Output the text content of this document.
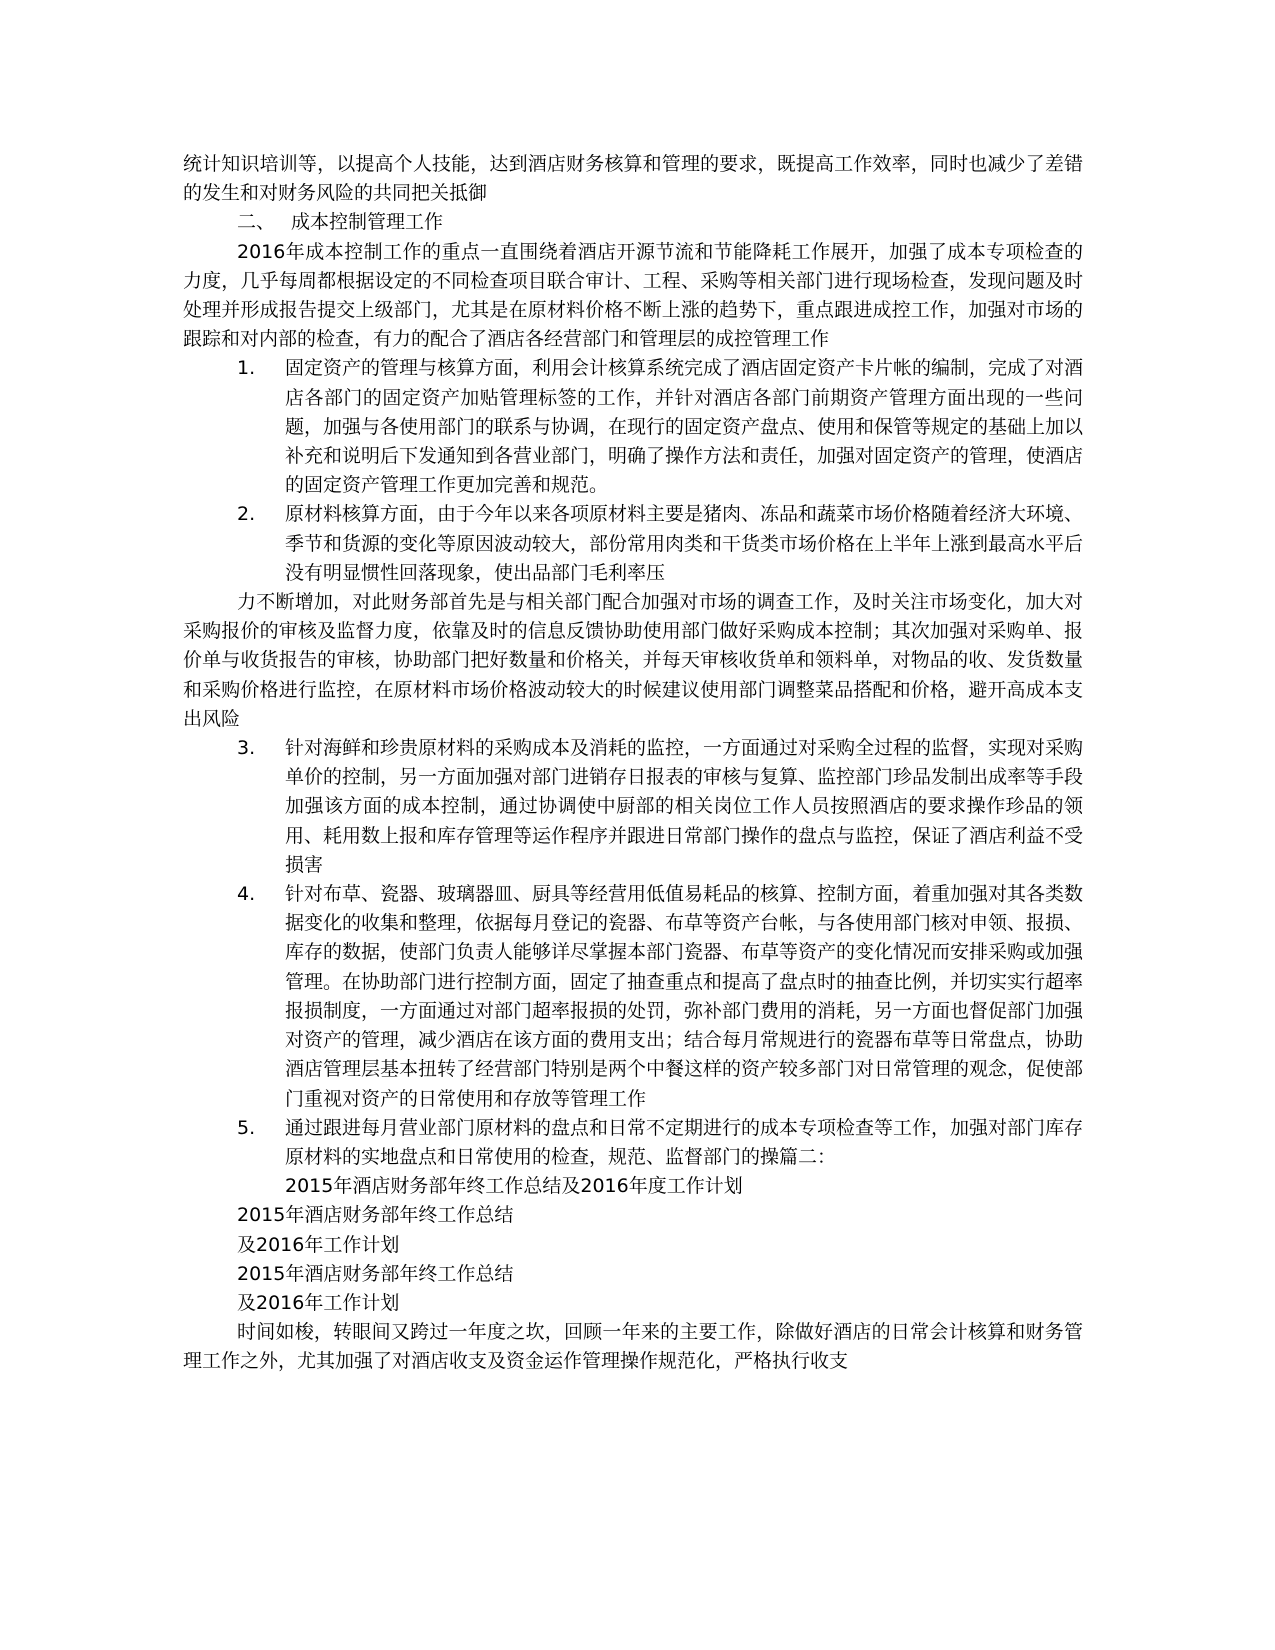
统计知识培训等，以提高个人技能，达到酒店财务核算和管理的要求，既提高工作效率，同时也减少了差错的发生和对财务风险的共同把关抵御

二、 成本控制管理工作

2016年成本控制工作的重点一直围绕着酒店开源节流和节能降耗工作展开，加强了成本专项检查的力度，几乎每周都根据设定的不同检查项目联合审计、工程、采购等相关部门进行现场检查，发现问题及时处理并形成报告提交上级部门，尤其是在原材料价格不断上涨的趋势下，重点跟进成控工作，加强对市场的跟踪和对内部的检查，有力的配合了酒店各经营部门和管理层的成控管理工作

1.	固定资产的管理与核算方面，利用会计核算系统完成了酒店固定资产卡片帐的编制，完成了对酒店各部门的固定资产加贴管理标签的工作，并针对酒店各部门前期资产管理方面出现的一些问题，加强与各使用部门的联系与协调，在现行的固定资产盘点、使用和保管等规定的基础上加以补充和说明后下发通知到各营业部门，明确了操作方法和责任，加强对固定资产的管理，使酒店的固定资产管理工作更加完善和规范。
2.	原材料核算方面，由于今年以来各项原材料主要是猪肉、冻品和蔬菜市场价格随着经济大环境、季节和货源的变化等原因波动较大，部份常用肉类和干货类市场价格在上半年上涨到最高水平后没有明显惯性回落现象，使出品部门毛利率压

力不断增加，对此财务部首先是与相关部门配合加强对市场的调查工作，及时关注市场变化，加大对采购报价的审核及监督力度，依靠及时的信息反馈协助使用部门做好采购成本控制；其次加强对采购单、报价单与收货报告的审核，协助部门把好数量和价格关，并每天审核收货单和领料单，对物品的收、发货数量和采购价格进行监控，在原材料市场价格波动较大的时候建议使用部门调整菜品搭配和价格，避开高成本支出风险

3.	针对海鲜和珍贵原材料的采购成本及消耗的监控，一方面通过对采购全过程的监督，实现对采购单价的控制，另一方面加强对部门进销存日报表的审核与复算、监控部门珍品发制出成率等手段加强该方面的成本控制，通过协调使中厨部的相关岗位工作人员按照酒店的要求操作珍品的领用、耗用数上报和库存管理等运作程序并跟进日常部门操作的盘点与监控，保证了酒店利益不受损害
4.	针对布草、瓷器、玻璃器皿、厨具等经营用低值易耗品的核算、控制方面，着重加强对其各类数据变化的收集和整理，依据每月登记的瓷器、布草等资产台帐，与各使用部门核对申领、报损、库存的数据，使部门负责人能够详尽掌握本部门瓷器、布草等资产的变化情况而安排采购或加强管理。在协助部门进行控制方面，固定了抽查重点和提高了盘点时的抽查比例，并切实实行超率报损制度，一方面通过对部门超率报损的处罚，弥补部门费用的消耗，另一方面也督促部门加强对资产的管理，减少酒店在该方面的费用支出；结合每月常规进行的瓷器布草等日常盘点，协助酒店管理层基本扭转了经营部门特别是两个中餐这样的资产较多部门对日常管理的观念，促使部门重视对资产的日常使用和存放等管理工作
5.	通过跟进每月营业部门原材料的盘点和日常不定期进行的成本专项检查等工作，加强对部门库存原材料的实地盘点和日常使用的检查，规范、监督部门的操篇二：

2015年酒店财务部年终工作总结及2016年度工作计划

2015年酒店财务部年终工作总结

及2016年工作计划

2015年酒店财务部年终工作总结

及2016年工作计划

时间如梭，转眼间又跨过一年度之坎，回顾一年来的主要工作，除做好酒店的日常会计核算和财务管理工作之外，尤其加强了对酒店收支及资金运作管理操作规范化，严格执行收支
